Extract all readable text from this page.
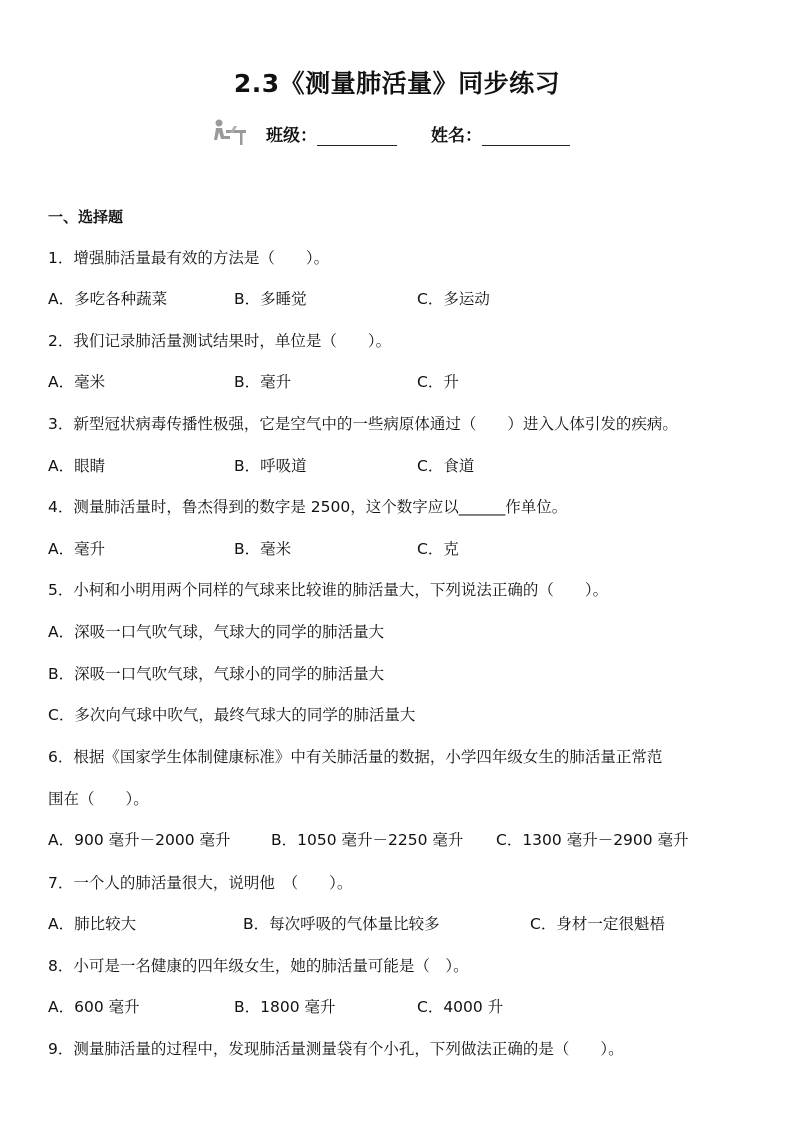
2.3《测量肺活量》同步练习
班级：	姓名：
一、选择题
1．增强肺活量最有效的方法是（　　）。
A．多吃各种蔬菜	B．多睡觉	C．多运动
2．我们记录肺活量测试结果时，单位是（　　）。
A．毫米	B．毫升	C．升
3．新型冠状病毒传播性极强，它是空气中的一些病原体通过（　　）进入人体引发的疾病。
A．眼睛	B．呼吸道	C．食道
4．测量肺活量时，鲁杰得到的数字是 2500，这个数字应以______作单位。
A．毫升	B．毫米	C．克
5．小柯和小明用两个同样的气球来比较谁的肺活量大，下列说法正确的（　　）。
A．深吸一口气吹气球，气球大的同学的肺活量大
B．深吸一口气吹气球，气球小的同学的肺活量大
C．多次向气球中吹气，最终气球大的同学的肺活量大
6．根据《国家学生体制健康标准》中有关肺活量的数据，小学四年级女生的肺活量正常范
围在（　　）。
A．900 毫升－2000 毫升	B．1050 毫升－2250 毫升 C．1300 毫升－2900 毫升
7．一个人的肺活量很大，说明他　（　　）。
A．肺比较大	B．每次呼吸的气体量比较多	C．身材一定很魁梧
8．小可是一名健康的四年级女生，她的肺活量可能是（　）。
A．600 毫升	B．1800 毫升	C．4000 升
9．测量肺活量的过程中，发现肺活量测量袋有个小孔，下列做法正确的是（　　）。
